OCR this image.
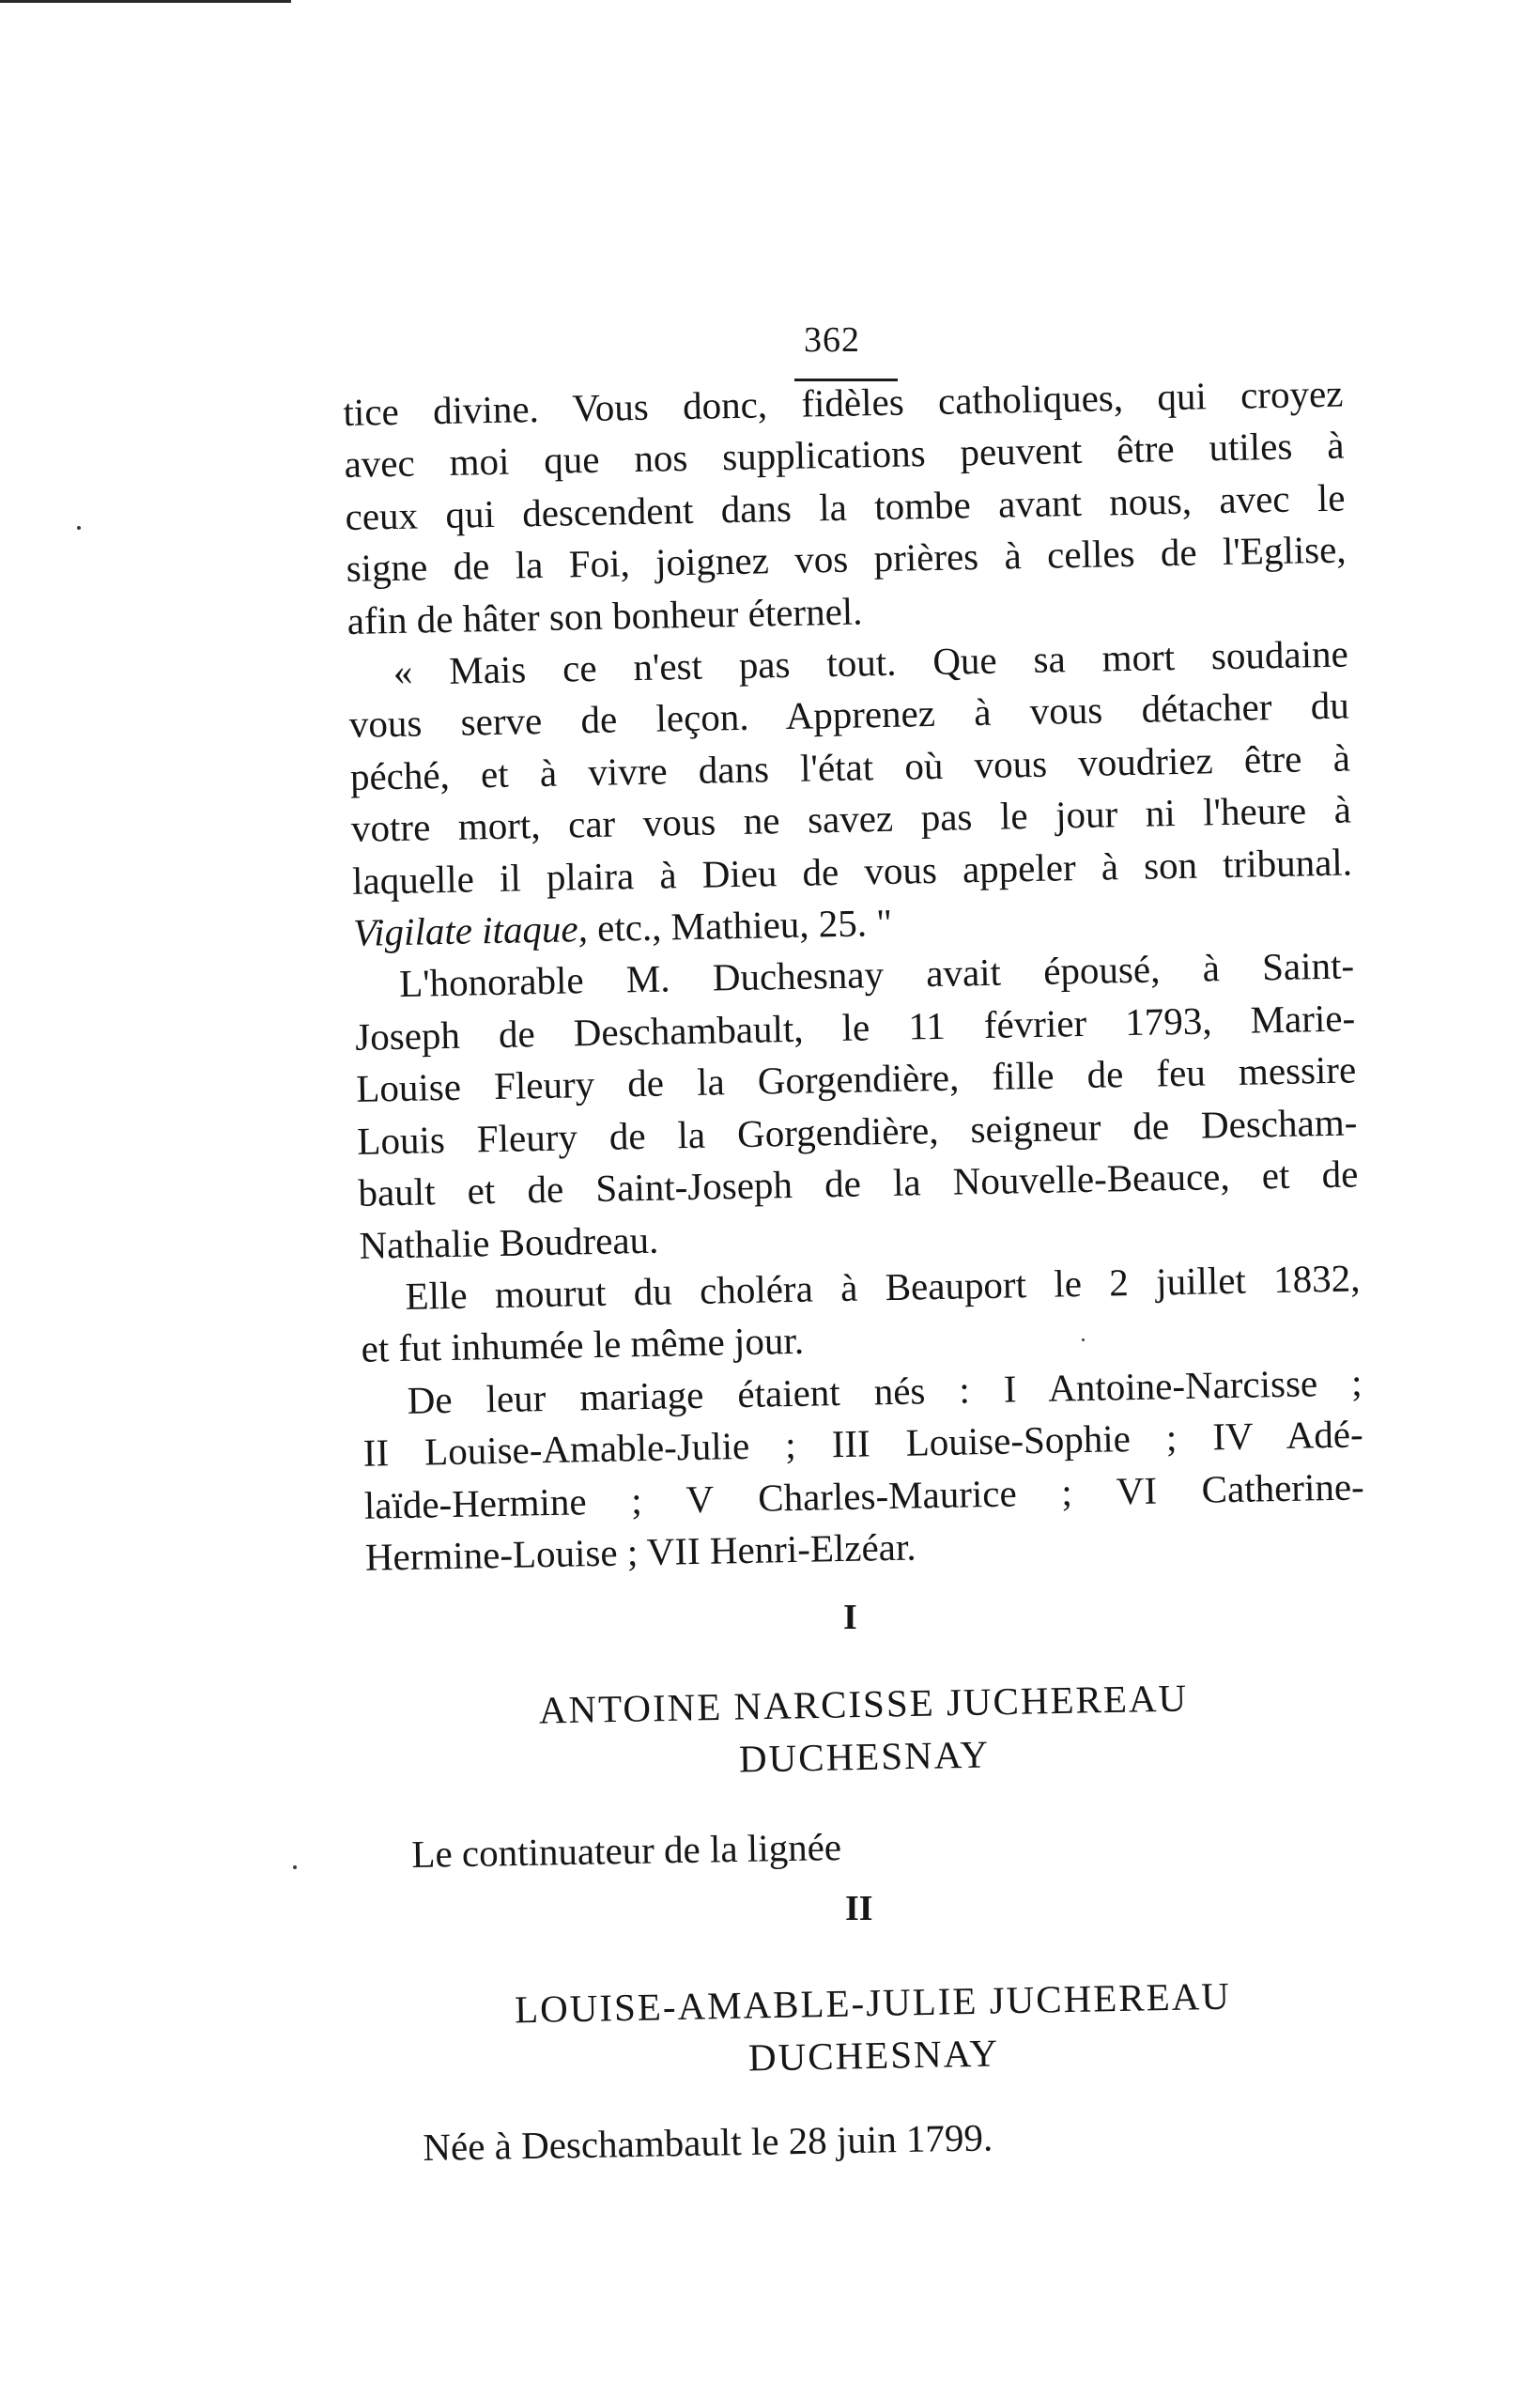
362

tice divine. Vous donc, fidèles catholiques, qui croyez
avec moi que nos supplications peuvent être utiles à
ceux qui descendent dans la tombe avant nous, avec le
signe de la Foi, joignez vos prières à celles de l'Eglise,
afin de hâter son bonheur éternel.

« Mais ce n'est pas tout. Que sa mort soudaine
vous serve de leçon. Apprenez à vous détacher du
péché, et à vivre dans l'état où vous voudriez être à
votre mort, car vous ne savez pas le jour ni l'heure à
laquelle il plaira à Dieu de vous appeler à son tribunal.
Vigilate itaque, etc., Mathieu, 25. "

L'honorable M. Duchesnay avait épousé, à Saint-
Joseph de Deschambault, le 11 février 1793, Marie-
Louise Fleury de la Gorgendière, fille de feu messire
Louis Fleury de la Gorgendière, seigneur de Descham-
bault et de Saint-Joseph de la Nouvelle-Beauce, et de
Nathalie Boudreau.

Elle mourut du choléra à Beauport le 2 juillet 1832,
et fut inhumée le même jour.

De leur mariage étaient nés : I Antoine-Narcisse ;
II Louise-Amable-Julie ; III Louise-Sophie ; IV Adé-
laïde-Hermine ; V Charles-Maurice ; VI Catherine-
Hermine-Louise ; VII Henri-Elzéar.

I
ANTOINE NARCISSE JUCHEREAU
DUCHESNAY
Le continuateur de la lignée
II
LOUISE-AMABLE-JULIE JUCHEREAU
DUCHESNAY
Née à Deschambault le 28 juin 1799.
